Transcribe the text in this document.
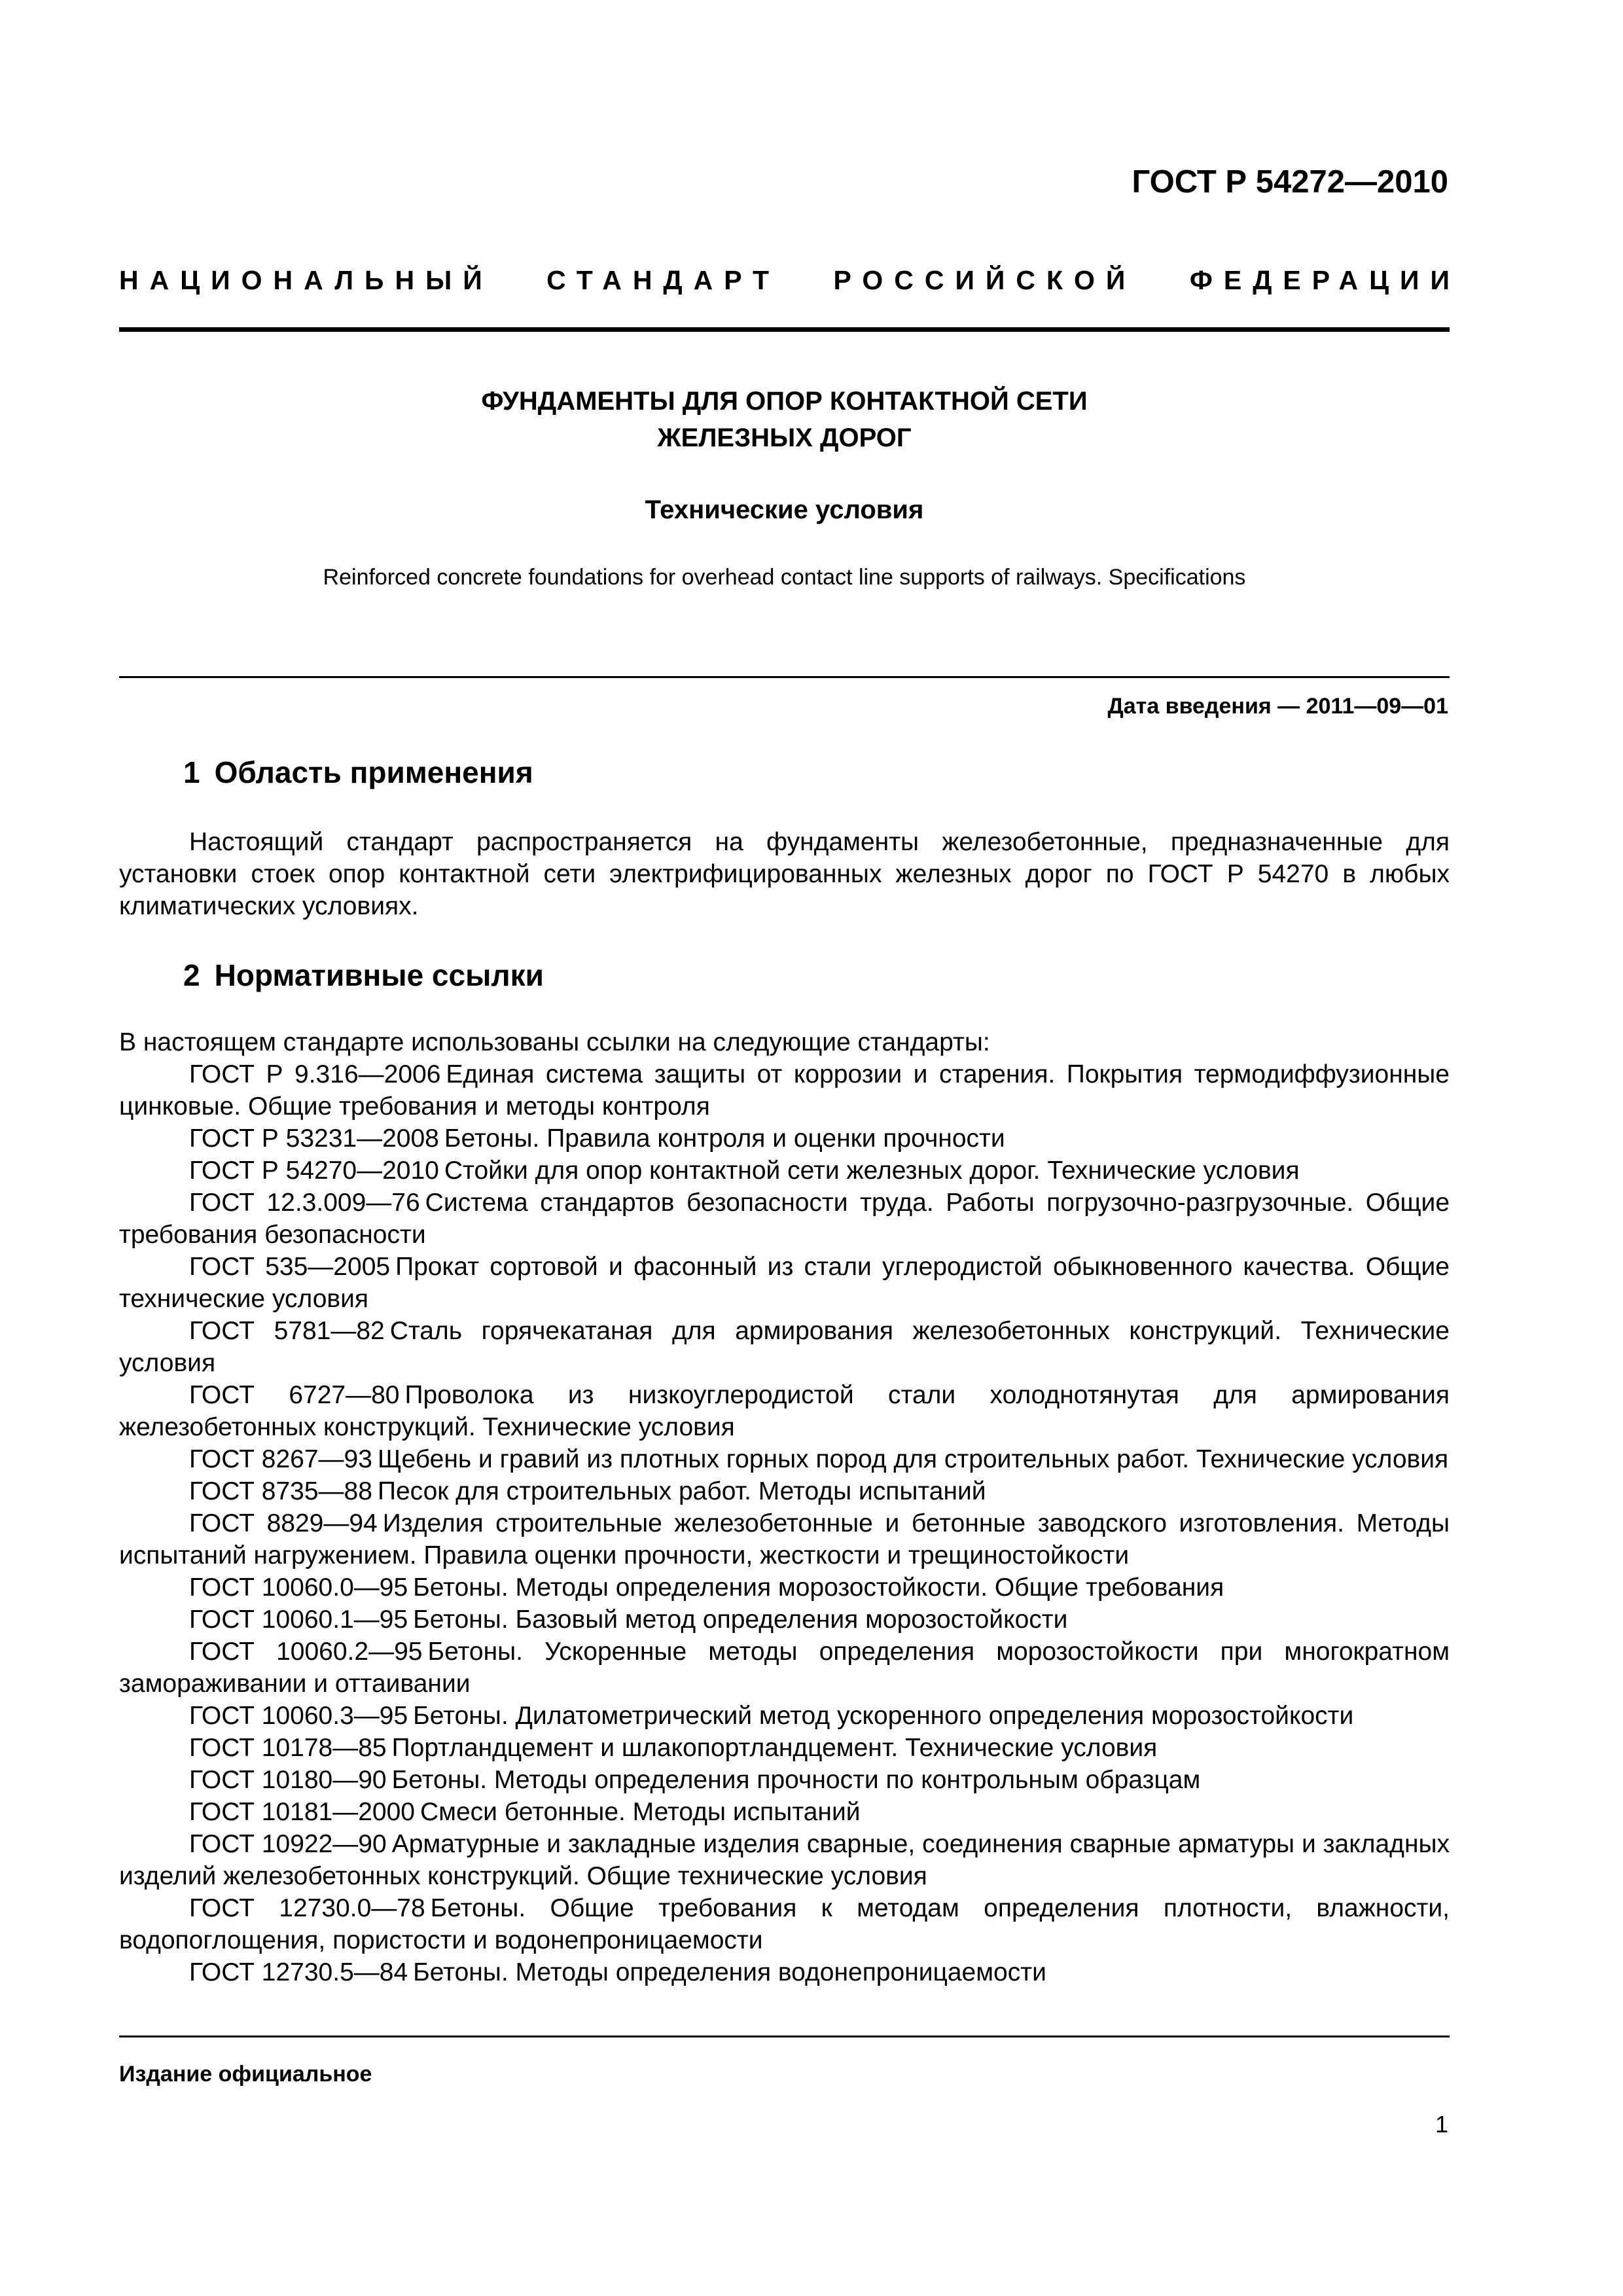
ГОСТ Р 54272—2010
НАЦИОНАЛЬНЫЙ СТАНДАРТ РОССИЙСКОЙ ФЕДЕРАЦИИ
ФУНДАМЕНТЫ ДЛЯ ОПОР КОНТАКТНОЙ СЕТИ
ЖЕЛЕЗНЫХ ДОРОГ
Технические условия
Reinforced concrete foundations for overhead contact line supports of railways. Specifications
Дата введения — 2011—09—01
1 Область применения

Настоящий стандарт распространяется на фундаменты железобетонные, предназначенные для установки стоек опор контактной сети электрифицированных железных дорог по ГОСТ Р 54270 в любых климатических условиях.

2 Нормативные ссылки

В настоящем стандарте использованы ссылки на следующие стандарты:

ГОСТ Р 9.316—2006 Единая система защиты от коррозии и старения. Покрытия термодиффузионные цинковые. Общие требования и методы контроля

ГОСТ Р 53231—2008 Бетоны. Правила контроля и оценки прочности

ГОСТ Р 54270—2010 Стойки для опор контактной сети железных дорог. Технические условия

ГОСТ 12.3.009—76 Система стандартов безопасности труда. Работы погрузочно-разгрузочные. Общие требования безопасности

ГОСТ 535—2005 Прокат сортовой и фасонный из стали углеродистой обыкновенного качества. Общие технические условия

ГОСТ 5781—82 Сталь горячекатаная для армирования железобетонных конструкций. Технические условия

ГОСТ 6727—80 Проволока из низкоуглеродистой стали холоднотянутая для армирования железобетонных конструкций. Технические условия

ГОСТ 8267—93 Щебень и гравий из плотных горных пород для строительных работ. Технические условия

ГОСТ 8735—88 Песок для строительных работ. Методы испытаний

ГОСТ 8829—94 Изделия строительные железобетонные и бетонные заводского изготовления. Методы испытаний нагружением. Правила оценки прочности, жесткости и трещиностойкости

ГОСТ 10060.0—95 Бетоны. Методы определения морозостойкости. Общие требования

ГОСТ 10060.1—95 Бетоны. Базовый метод определения морозостойкости

ГОСТ 10060.2—95 Бетоны. Ускоренные методы определения морозостойкости при многократном замораживании и оттаивании

ГОСТ 10060.3—95 Бетоны. Дилатометрический метод ускоренного определения морозостойкости

ГОСТ 10178—85 Портландцемент и шлакопортландцемент. Технические условия

ГОСТ 10180—90 Бетоны. Методы определения прочности по контрольным образцам

ГОСТ 10181—2000 Смеси бетонные. Методы испытаний

ГОСТ 10922—90 Арматурные и закладные изделия сварные, соединения сварные арматуры и закладных изделий железобетонных конструкций. Общие технические условия

ГОСТ 12730.0—78 Бетоны. Общие требования к методам определения плотности, влажности, водопоглощения, пористости и водонепроницаемости

ГОСТ 12730.5—84 Бетоны. Методы определения водонепроницаемости

Издание официальное
1
